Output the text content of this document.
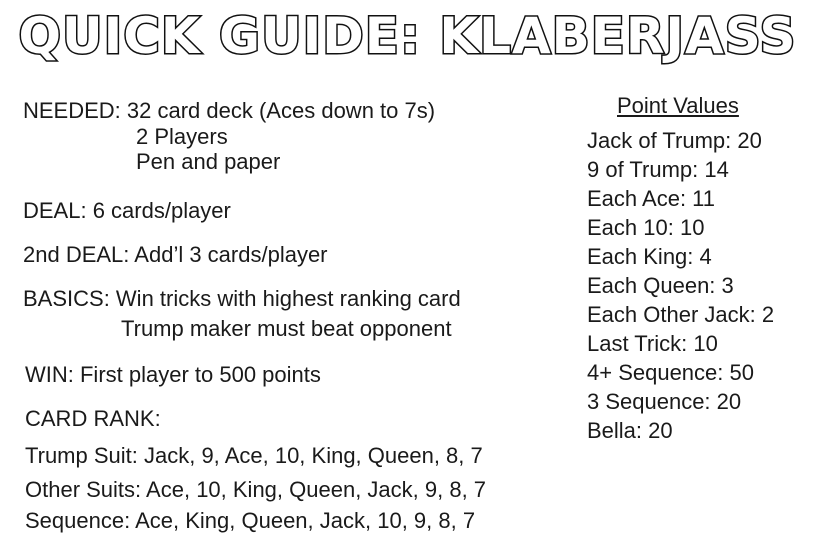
QUICK GUIDE: KLABERJASS
NEEDED: 32 card deck (Aces down to 7s)
2 Players
Pen and paper
DEAL: 6 cards/player
2nd DEAL: Add’l 3 cards/player
BASICS: Win tricks with highest ranking card
Trump maker must beat opponent
WIN: First player to 500 points
CARD RANK:
Trump Suit: Jack, 9, Ace, 10, King, Queen, 8, 7
Other Suits: Ace, 10, King, Queen, Jack, 9, 8, 7
Sequence: Ace, King, Queen, Jack, 10, 9, 8, 7
Point Values
Jack of Trump: 20
9 of Trump: 14
Each Ace: 11
Each 10: 10
Each King: 4
Each Queen: 3
Each Other Jack: 2
Last Trick: 10
4+ Sequence: 50
3 Sequence: 20
Bella: 20
